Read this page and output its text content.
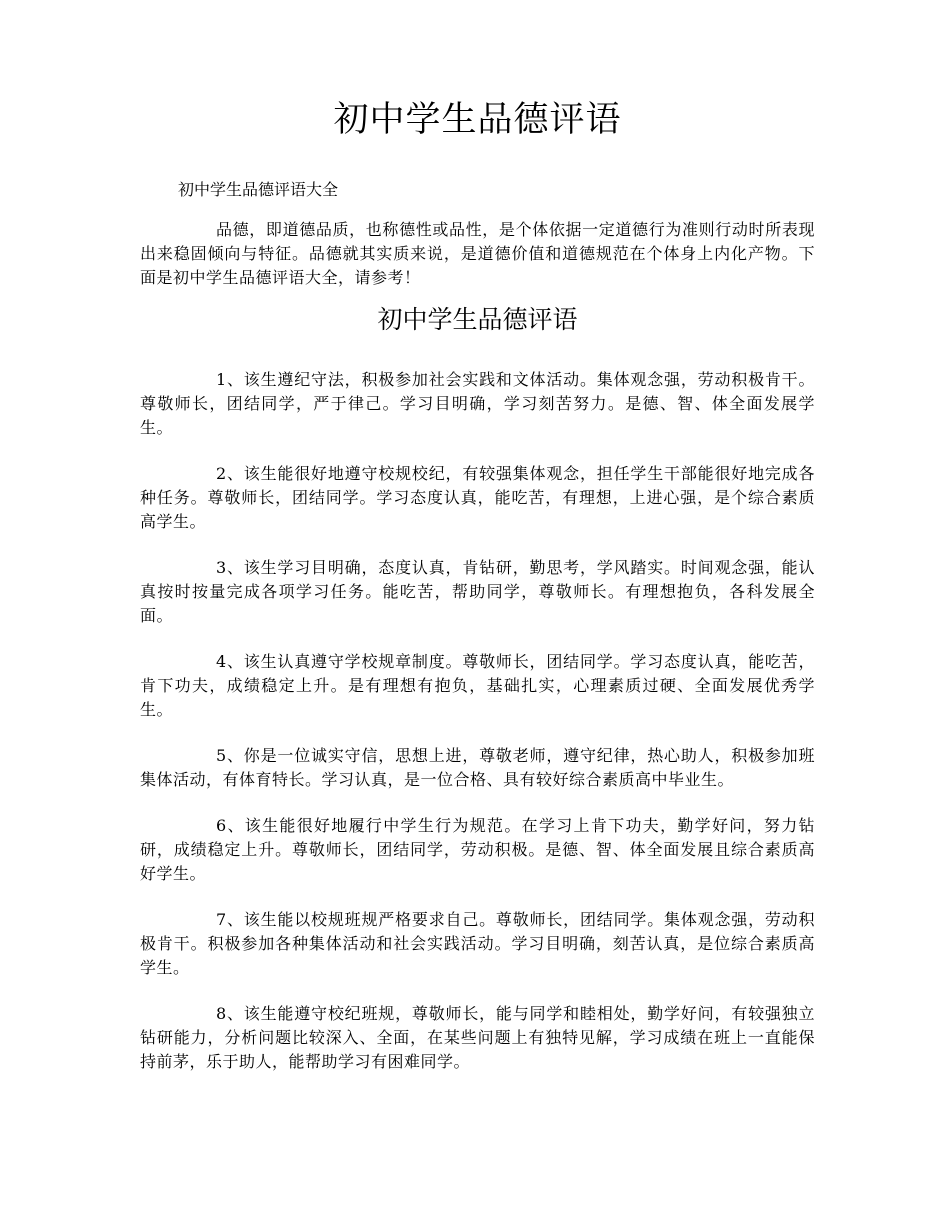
初中学生品德评语

初中学生品德评语大全

品德，即道德品质，也称德性或品性，是个体依据一定道德行为准则行动时所表现出来稳固倾向与特征。品德就其实质来说，是道德价值和道德规范在个体身上内化产物。下面是初中学生品德评语大全，请参考！

初中学生品德评语

1、该生遵纪守法，积极参加社会实践和文体活动。集体观念强，劳动积极肯干。尊敬师长，团结同学，严于律己。学习目明确，学习刻苦努力。是德、智、体全面发展学生。

2、该生能很好地遵守校规校纪，有较强集体观念，担任学生干部能很好地完成各种任务。尊敬师长，团结同学。学习态度认真，能吃苦，有理想，上进心强，是个综合素质高学生。

3、该生学习目明确，态度认真，肯钻研，勤思考，学风踏实。时间观念强，能认真按时按量完成各项学习任务。能吃苦，帮助同学，尊敬师长。有理想抱负，各科发展全面。

4、该生认真遵守学校规章制度。尊敬师长，团结同学。学习态度认真，能吃苦，肯下功夫，成绩稳定上升。是有理想有抱负，基础扎实，心理素质过硬、全面发展优秀学生。

5、你是一位诚实守信，思想上进，尊敬老师，遵守纪律，热心助人，积极参加班集体活动，有体育特长。学习认真，是一位合格、具有较好综合素质高中毕业生。

6、该生能很好地履行中学生行为规范。在学习上肯下功夫，勤学好问，努力钻研，成绩稳定上升。尊敬师长，团结同学，劳动积极。是德、智、体全面发展且综合素质高好学生。

7、该生能以校规班规严格要求自己。尊敬师长，团结同学。集体观念强，劳动积极肯干。积极参加各种集体活动和社会实践活动。学习目明确，刻苦认真，是位综合素质高学生。

8、该生能遵守校纪班规，尊敬师长，能与同学和睦相处，勤学好问，有较强独立钻研能力，分析问题比较深入、全面，在某些问题上有独特见解，学习成绩在班上一直能保持前茅，乐于助人，能帮助学习有困难同学。
